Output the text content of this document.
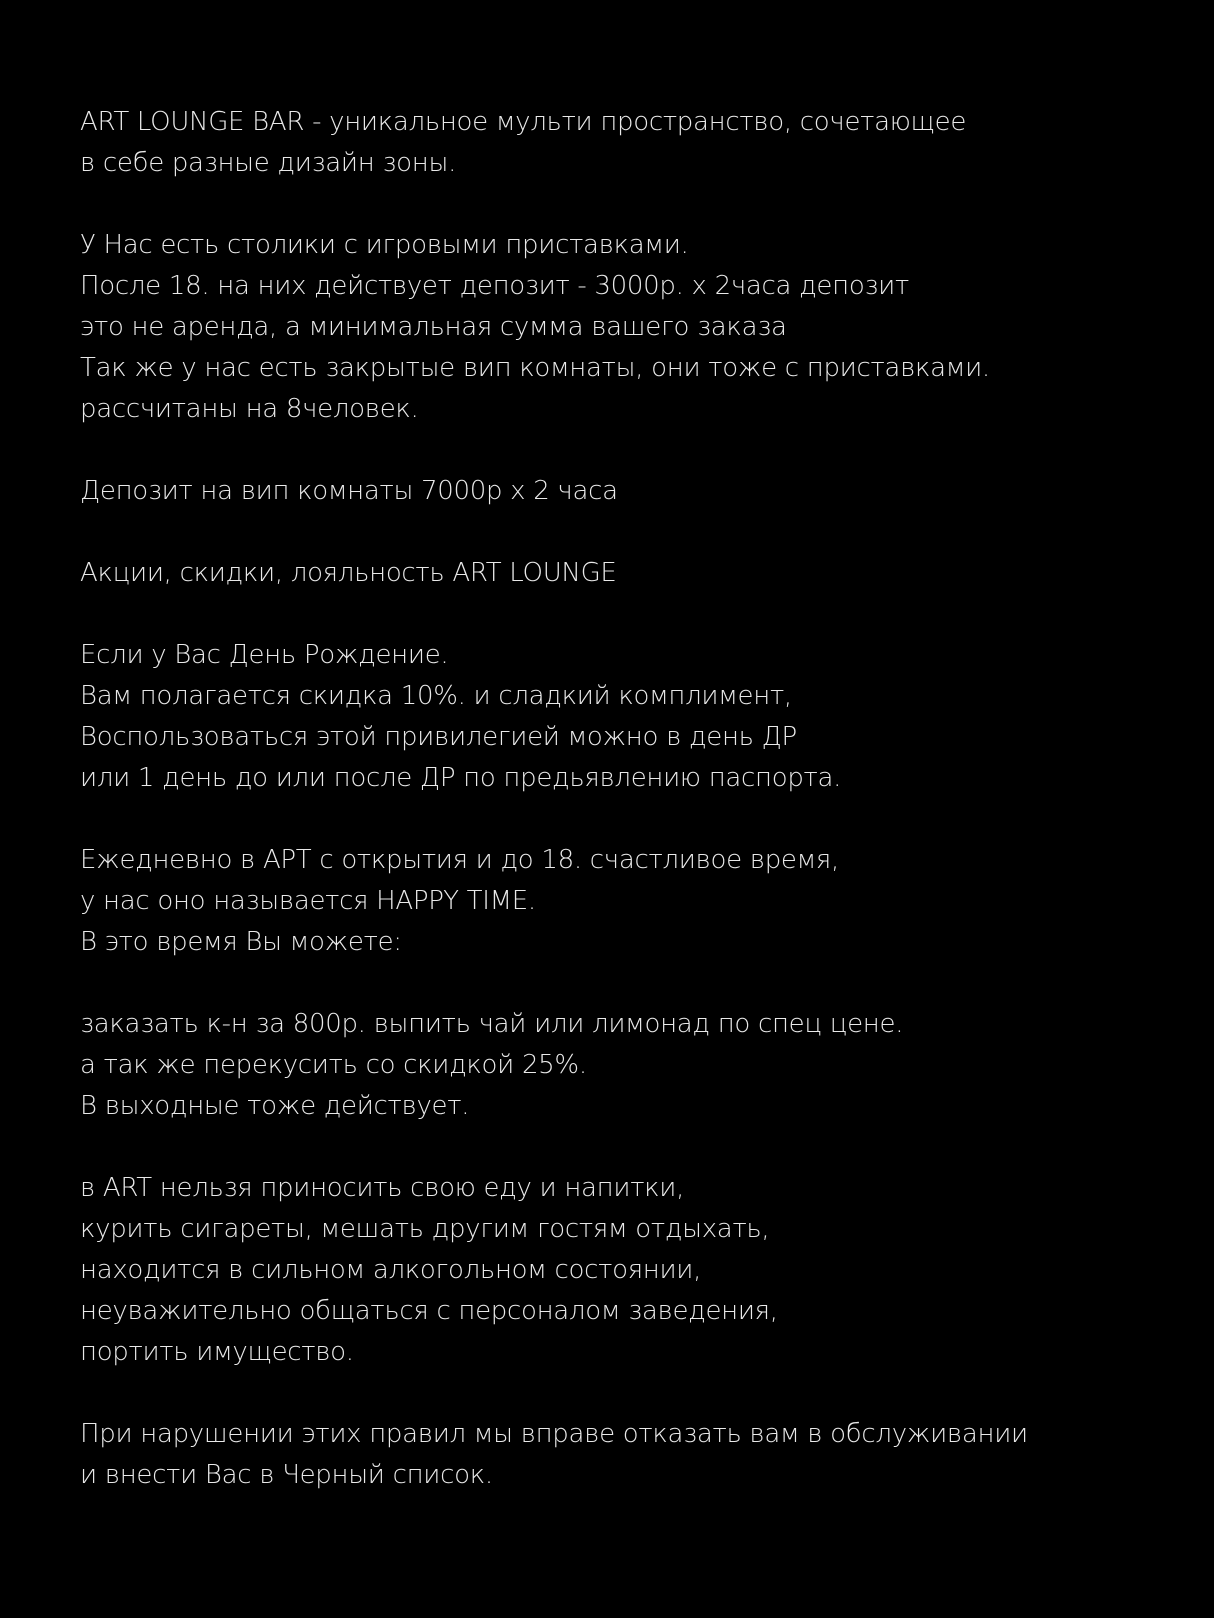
ART LOUNGE BAR - уникальное мульти пространство, сочетающее
в себе разные дизайн зоны.
У Нас есть столики с игровыми приставками.
После 18. на них действует депозит - 3000р. х 2часа депозит
это не аренда, а минимальная сумма вашего заказа
Так же у нас есть закрытые вип комнаты, они тоже с приставками.
рассчитаны на 8человек.
Депозит на вип комнаты 7000р х 2 часа
Акции, скидки, лояльность ART LOUNGE
Если у Вас День Рождение.
Вам полагается скидка 10%. и сладкий комплимент,
Воспользоваться этой привилегией можно в день ДР
или 1 день до или после ДР по предьявлению паспорта.
Ежедневно в АРТ с открытия и до 18. счастливое время,
у нас оно называется HAPPY TIME.
В это время Вы можете:
заказать к-н за 800р. выпить чай или лимонад по спец цене.
а так же перекусить со скидкой 25%.
В выходные тоже действует.
в ART нельзя приносить свою еду и напитки,
курить сигареты, мешать другим гостям отдыхать,
находится в сильном алкогольном состоянии,
неуважительно общаться с персоналом заведения,
портить имущество.
При нарушении этих правил мы вправе отказать вам в обслуживании
и внести Вас в Черный список.
